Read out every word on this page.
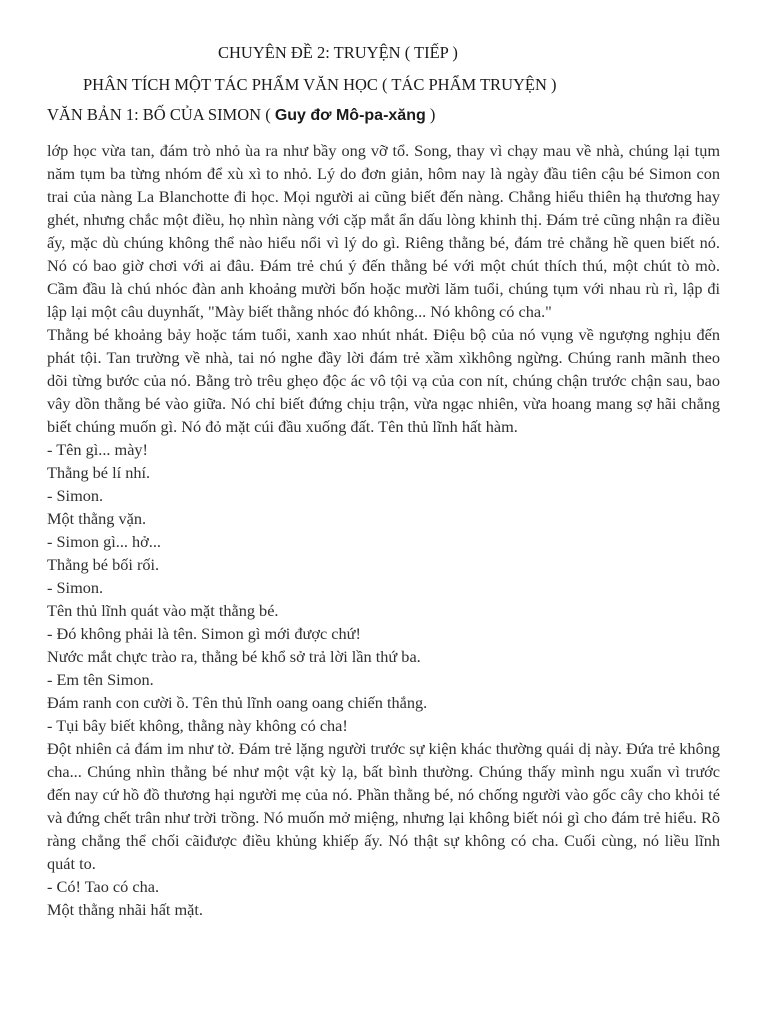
CHUYÊN ĐỀ 2: TRUYỆN ( TIẾP )
PHÂN TÍCH MỘT TÁC PHẨM VĂN HỌC ( TÁC PHẨM TRUYỆN )
VĂN BẢN 1: BỐ CỦA SIMON ( Guy đơ Mô-pa-xăng )

lớp học vừa tan, đám trò nhỏ ùa ra như bầy ong vỡ tổ. Song, thay vì chạy mau về nhà, chúng lại tụm năm tụm ba từng nhóm để xù xì to nhỏ. Lý do đơn giản, hôm nay là ngày đầu tiên cậu bé Simon con trai của nàng La Blanchotte đi học. Mọi người ai cũng biết đến nàng. Chẳng hiểu thiên hạ thương hay ghét, nhưng chắc một điều, họ nhìn nàng với cặp mắt ẩn dấu lòng khinh thị. Đám trẻ cũng nhận ra điều ấy, mặc dù chúng không thể nào hiểu nổi vì lý do gì. Riêng thằng bé, đám trẻ chẳng hề quen biết nó. Nó có bao giờ chơi với ai đâu. Đám trẻ chú ý đến thằng bé với một chút thích thú, một chút tò mò. Cầm đầu là chú nhóc đàn anh khoảng mười bốn hoặc mười lăm tuổi, chúng tụm với nhau rù rì, lập đi lập lại một câu duynhất, "Mày biết thằng nhóc đó không... Nó không có cha."

Thằng bé khoảng bảy hoặc tám tuổi, xanh xao nhút nhát. Điệu bộ của nó vụng về ngượng nghịu đến phát tội. Tan trường về nhà, tai nó nghe đầy lời đám trẻ xầm xìkhông ngừng. Chúng ranh mãnh theo dõi từng bước của nó. Bằng trò trêu ghẹo độc ác vô tội vạ của con nít, chúng chận trước chận sau, bao vây dồn thằng bé vào giữa. Nó chỉ biết đứng chịu trận, vừa ngạc nhiên, vừa hoang mang sợ hãi chẳng biết chúng muốn gì. Nó đỏ mặt cúi đầu xuống đất. Tên thủ lĩnh hất hàm.

- Tên gì... mày!

Thằng bé lí nhí.

- Simon.

Một thằng vặn.

- Simon gì... hở...

Thằng bé bối rối.

- Simon.

Tên thủ lĩnh quát vào mặt thằng bé.

- Đó không phải là tên. Simon gì mới được chứ!

Nước mắt chực trào ra, thằng bé khổ sở trả lời lần thứ ba.

- Em tên Simon.

Đám ranh con cười ồ. Tên thủ lĩnh oang oang chiến thắng.

- Tụi bây biết không, thằng này không có cha!

Đột nhiên cả đám im như tờ. Đám trẻ lặng người trước sự kiện khác thường quái dị này. Đứa trẻ không cha... Chúng nhìn thằng bé như một vật kỳ lạ, bất bình thường. Chúng thấy mình ngu xuẩn vì trước đến nay cứ hồ đồ thương hại người mẹ của nó. Phần thằng bé, nó chống người vào gốc cây cho khỏi té và đứng chết trân như trời trồng. Nó muốn mở miệng, nhưng lại không biết nói gì cho đám trẻ hiểu. Rõ ràng chẳng thể chối cãiđược điều khủng khiếp ấy. Nó thật sự không có cha. Cuối cùng, nó liều lĩnh quát to.

- Có! Tao có cha.

Một thằng nhãi hất mặt.
